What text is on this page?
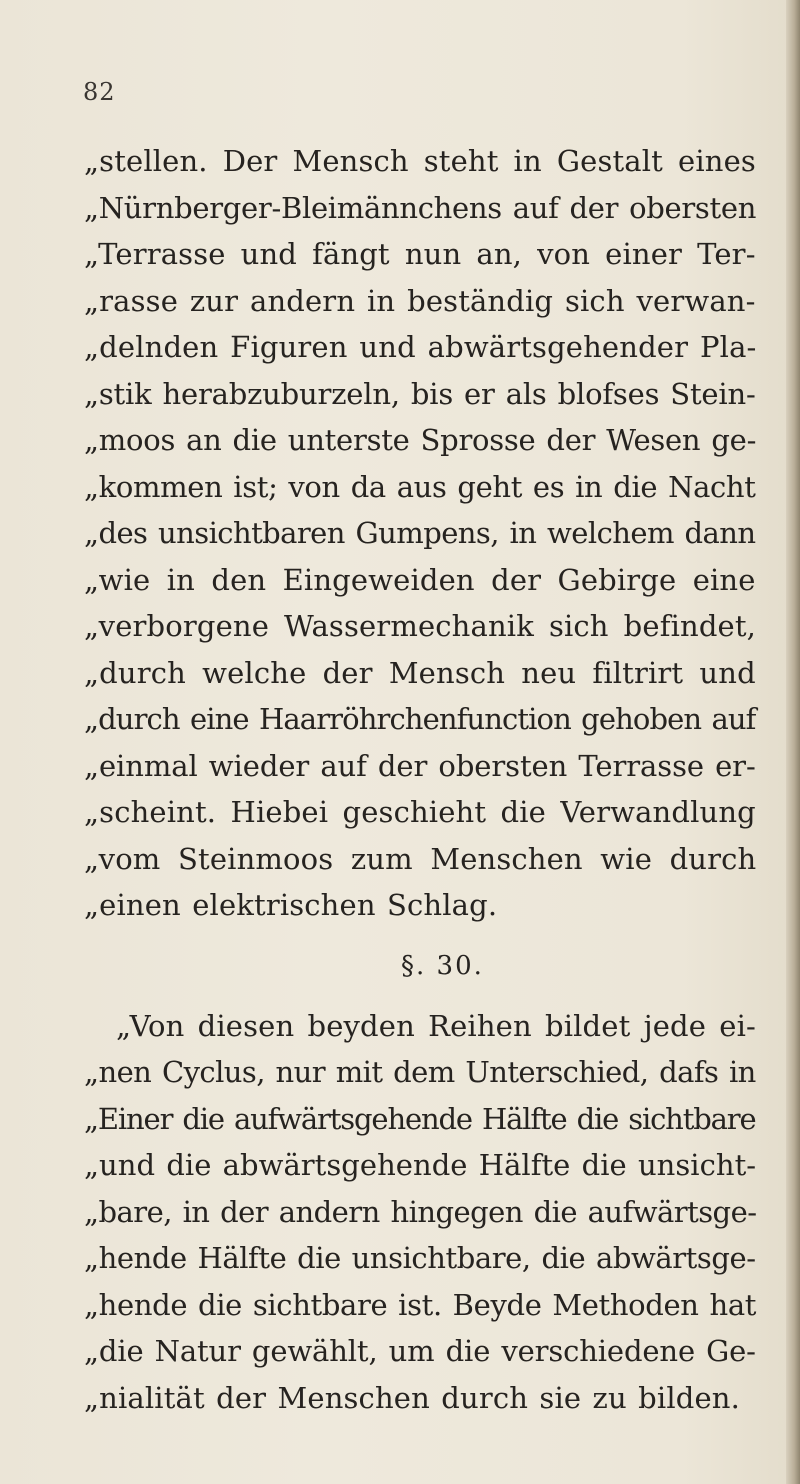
82
„stellen. Der Mensch steht in Gestalt eines
„Nürnberger-Bleimännchens auf der obersten
„Terrasse und fängt nun an, von einer Ter-
„rasse zur andern in beständig sich verwan-
„delnden Figuren und abwärtsgehender Pla-
„stik herabzuburzeln, bis er als blofses Stein-
„moos an die unterste Sprosse der Wesen ge-
„kommen ist; von da aus geht es in die Nacht
„des unsichtbaren Gumpens, in welchem dann
„wie in den Eingeweiden der Gebirge eine
„verborgene Wassermechanik sich befindet,
„durch welche der Mensch neu filtrirt und
„durch eine Haarröhrchenfunction gehoben auf
„einmal wieder auf der obersten Terrasse er-
„scheint. Hiebei geschieht die Verwandlung
„vom Steinmoos zum Menschen wie durch
„einen elektrischen Schlag.
§. 30.
„Von diesen beyden Reihen bildet jede ei-
„nen Cyclus, nur mit dem Unterschied, dafs in
„Einer die aufwärtsgehende Hälfte die sichtbare
„und die abwärtsgehende Hälfte die unsicht-
„bare, in der andern hingegen die aufwärtsge-
„hende Hälfte die unsichtbare, die abwärtsge-
„hende die sichtbare ist. Beyde Methoden hat
„die Natur gewählt, um die verschiedene Ge-
„nialität der Menschen durch sie zu bilden.
